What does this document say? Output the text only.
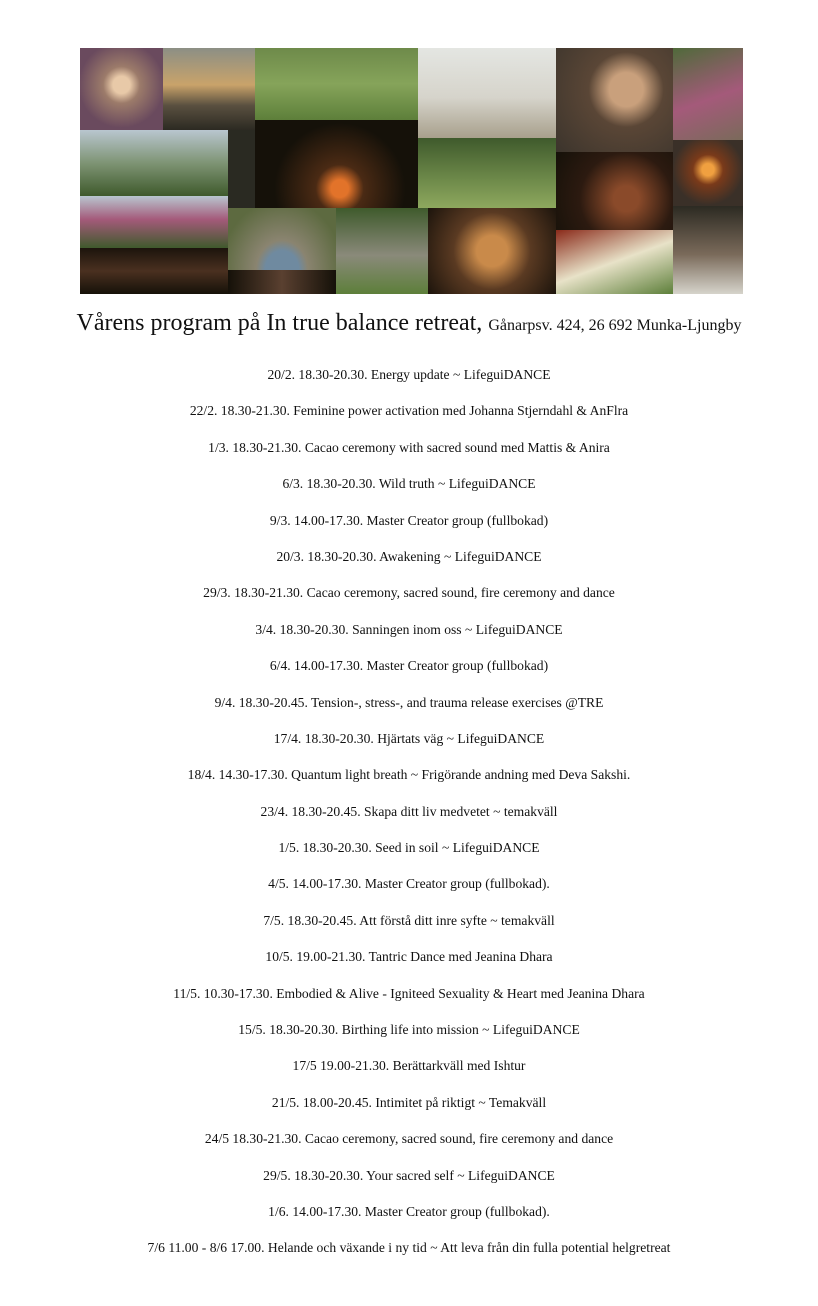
Vårens program på In true balance retreat, Gånarpsv. 424, 26 692 Munka-Ljungby
20/2. 18.30-20.30. Energy update ~ LifeguiDANCE
22/2. 18.30-21.30. Feminine power activation med Johanna Stjerndahl & AnFlra
1/3. 18.30-21.30. Cacao ceremony with sacred sound med Mattis & Anira
6/3. 18.30-20.30. Wild truth ~ LifeguiDANCE
9/3. 14.00-17.30. Master Creator group (fullbokad)
20/3. 18.30-20.30. Awakening ~ LifeguiDANCE
29/3. 18.30-21.30. Cacao ceremony, sacred sound, fire ceremony and dance
3/4. 18.30-20.30. Sanningen inom oss ~ LifeguiDANCE
6/4. 14.00-17.30. Master Creator group (fullbokad)
9/4. 18.30-20.45. Tension-, stress-, and trauma release exercises @TRE
17/4. 18.30-20.30. Hjärtats väg ~ LifeguiDANCE
18/4. 14.30-17.30. Quantum light breath ~ Frigörande andning med Deva Sakshi.
23/4. 18.30-20.45. Skapa ditt liv medvetet ~ temakväll
1/5. 18.30-20.30. Seed in soil ~ LifeguiDANCE
4/5. 14.00-17.30. Master Creator group (fullbokad).
7/5. 18.30-20.45. Att förstå ditt inre syfte ~ temakväll
10/5. 19.00-21.30. Tantric Dance med Jeanina Dhara
11/5. 10.30-17.30. Embodied & Alive - Igniteed Sexuality & Heart med Jeanina Dhara
15/5. 18.30-20.30. Birthing life into mission ~ LifeguiDANCE
17/5 19.00-21.30. Berättarkväll med Ishtur
21/5. 18.00-20.45. Intimitet på riktigt ~ Temakväll
24/5 18.30-21.30. Cacao ceremony, sacred sound, fire ceremony and dance
29/5. 18.30-20.30. Your sacred self ~ LifeguiDANCE
1/6. 14.00-17.30. Master Creator group (fullbokad).
7/6 11.00 - 8/6 17.00. Helande och växande i ny tid ~ Att leva från din fulla potential helgretreat
